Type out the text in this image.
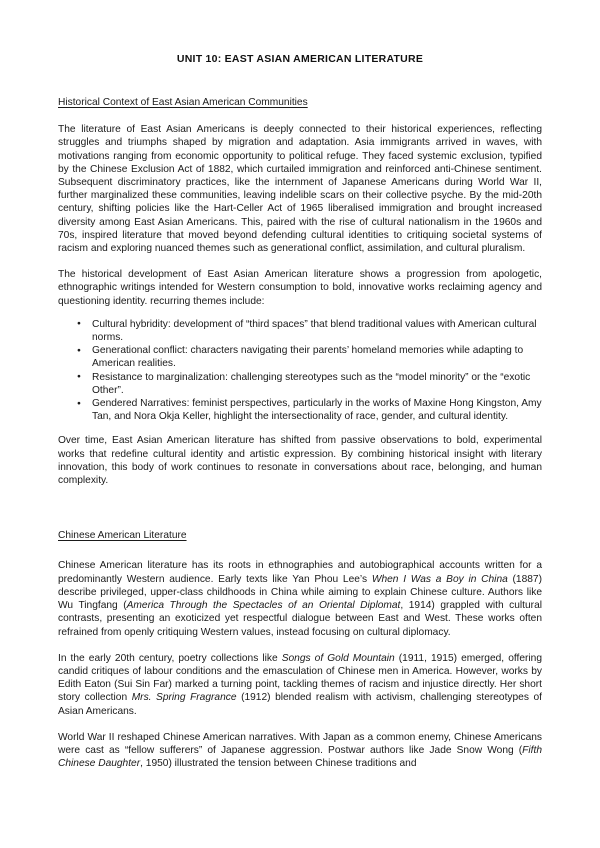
UNIT 10: EAST ASIAN AMERICAN LITERATURE
Historical Context of East Asian American Communities

The literature of East Asian Americans is deeply connected to their historical experiences, reflecting struggles and triumphs shaped by migration and adaptation. Asia immigrants arrived in waves, with motivations ranging from economic opportunity to political refuge. They faced systemic exclusion, typified by the Chinese Exclusion Act of 1882, which curtailed immigration and reinforced anti-Chinese sentiment. Subsequent discriminatory practices, like the internment of Japanese Americans during World War II, further marginalized these communities, leaving indelible scars on their collective psyche. By the mid-20th century, shifting policies like the Hart-Celler Act of 1965 liberalised immigration and brought increased diversity among East Asian Americans. This, paired with the rise of cultural nationalism in the 1960s and 70s, inspired literature that moved beyond defending cultural identities to critiquing societal systems of racism and exploring nuanced themes such as generational conflict, assimilation, and cultural pluralism.

The historical development of East Asian American literature shows a progression from apologetic, ethnographic writings intended for Western consumption to bold, innovative works reclaiming agency and questioning identity. recurring themes include:

● Cultural hybridity: development of “third spaces” that blend traditional values with American cultural norms.
● Generational conflict: characters navigating their parents’ homeland memories while adapting to American realities.
● Resistance to marginalization: challenging stereotypes such as the “model minority” or the “exotic Other”.
● Gendered Narratives: feminist perspectives, particularly in the works of Maxine Hong Kingston, Amy Tan, and Nora Okja Keller, highlight the intersectionality of race, gender, and cultural identity.

Over time, East Asian American literature has shifted from passive observations to bold, experimental works that redefine cultural identity and artistic expression. By combining historical insight with literary innovation, this body of work continues to resonate in conversations about race, belonging, and human complexity.

Chinese American Literature

Chinese American literature has its roots in ethnographies and autobiographical accounts written for a predominantly Western audience. Early texts like Yan Phou Lee’s When I Was a Boy in China (1887) describe privileged, upper-class childhoods in China while aiming to explain Chinese culture. Authors like Wu Tingfang (America Through the Spectacles of an Oriental Diplomat, 1914) grappled with cultural contrasts, presenting an exoticized yet respectful dialogue between East and West. These works often refrained from openly critiquing Western values, instead focusing on cultural diplomacy.

In the early 20th century, poetry collections like Songs of Gold Mountain (1911, 1915) emerged, offering candid critiques of labour conditions and the emasculation of Chinese men in America. However, works by Edith Eaton (Sui Sin Far) marked a turning point, tackling themes of racism and injustice directly. Her short story collection Mrs. Spring Fragrance (1912) blended realism with activism, challenging stereotypes of Asian Americans.

World War II reshaped Chinese American narratives. With Japan as a common enemy, Chinese Americans were cast as “fellow sufferers” of Japanese aggression. Postwar authors like Jade Snow Wong (Fifth Chinese Daughter, 1950) illustrated the tension between Chinese traditions and
